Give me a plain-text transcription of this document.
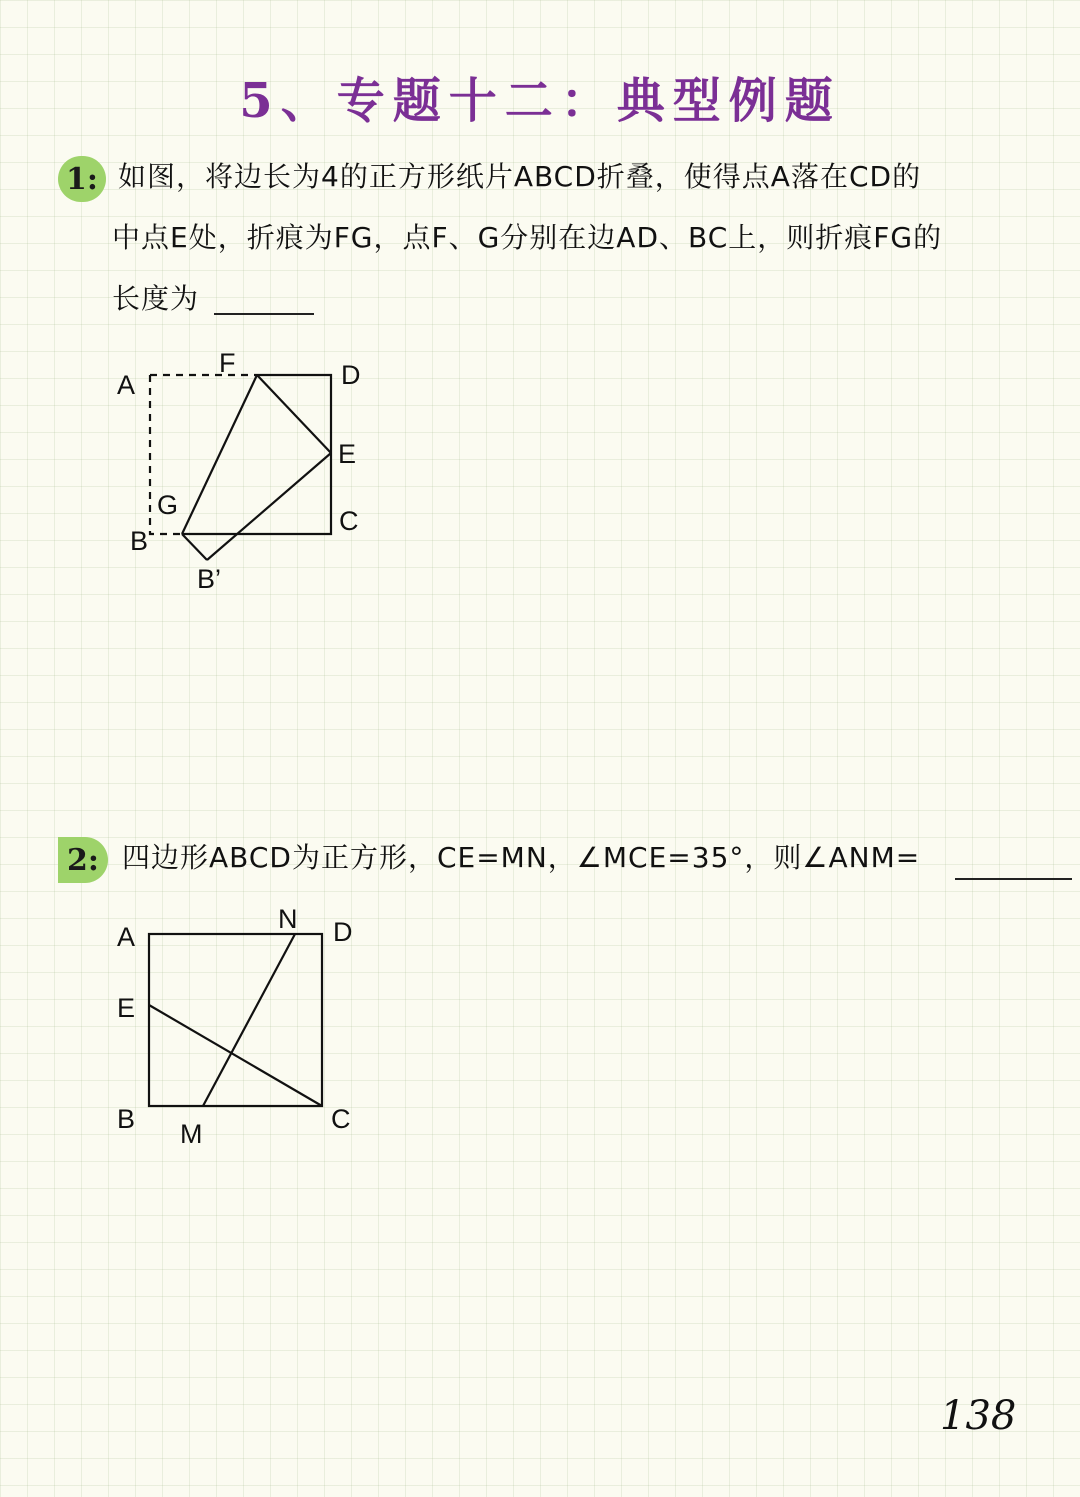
5、专题十二：典型例题
1: 如图，将边长为4的正方形纸片ABCD折叠，使得点A落在CD的
中点E处，折痕为FG，点F、G分别在边AD、BC上，则折痕FG的
长度为
A
F	D
E
G
B
C
B’
2: 四边形ABCD为正方形，CE=MN，∠MCE=35°，则∠ANM=
A
N D
E
B M	C
138
